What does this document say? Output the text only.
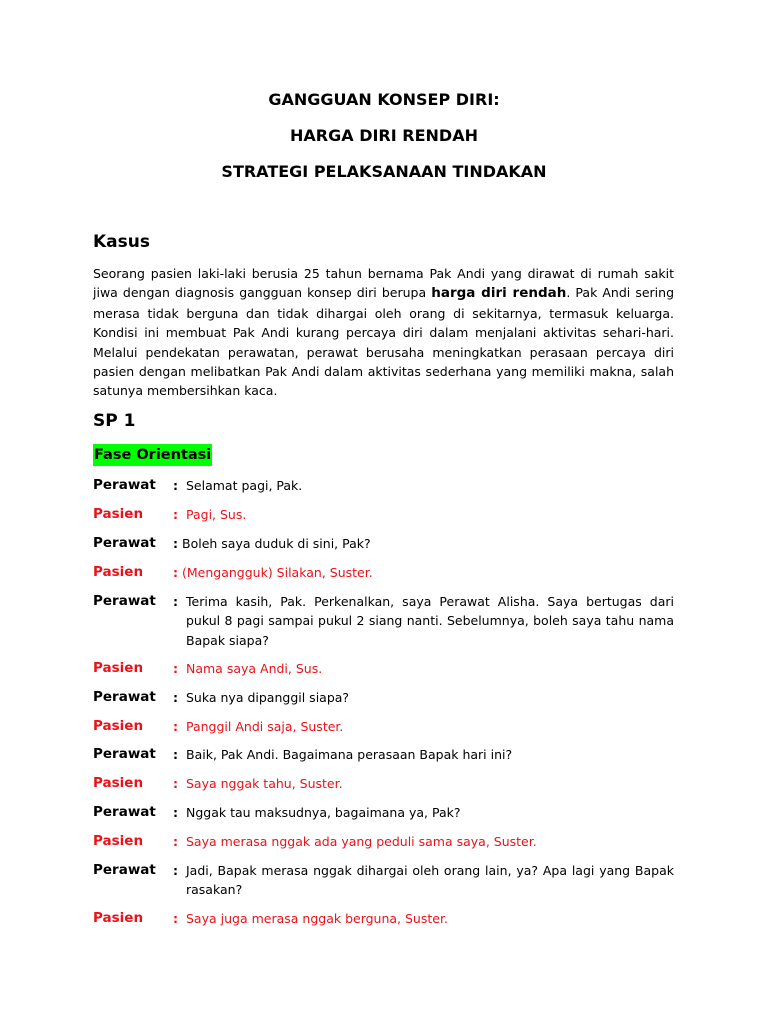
GANGGUAN KONSEP DIRI:
HARGA DIRI RENDAH
STRATEGI PELAKSANAAN TINDAKAN
Kasus

Seorang pasien laki-laki berusia 25 tahun bernama Pak Andi yang dirawat di rumah sakit jiwa dengan diagnosis gangguan konsep diri berupa harga diri rendah. Pak Andi sering merasa tidak berguna dan tidak dihargai oleh orang di sekitarnya, termasuk keluarga. Kondisi ini membuat Pak Andi kurang percaya diri dalam menjalani aktivitas sehari-hari. Melalui pendekatan perawatan, perawat berusaha meningkatkan perasaan percaya diri pasien dengan melibatkan Pak Andi dalam aktivitas sederhana yang memiliki makna, salah satunya membersihkan kaca.

SP 1
Fase Orientasi
Perawat : Selamat pagi, Pak.
Pasien : Pagi, Sus.
Perawat : Boleh saya duduk di sini, Pak?
Pasien : (Mengangguk) Silakan, Suster.
Perawat : Terima kasih, Pak. Perkenalkan, saya Perawat Alisha. Saya bertugas dari pukul 8 pagi sampai pukul 2 siang nanti. Sebelumnya, boleh saya tahu nama Bapak siapa?
Pasien : Nama saya Andi, Sus.
Perawat : Suka nya dipanggil siapa?
Pasien : Panggil Andi saja, Suster.
Perawat : Baik, Pak Andi. Bagaimana perasaan Bapak hari ini?
Pasien : Saya nggak tahu, Suster.
Perawat : Nggak tau maksudnya, bagaimana ya, Pak?
Pasien : Saya merasa nggak ada yang peduli sama saya, Suster.
Perawat : Jadi, Bapak merasa nggak dihargai oleh orang lain, ya? Apa lagi yang Bapak rasakan?
Pasien : Saya juga merasa nggak berguna, Suster.
